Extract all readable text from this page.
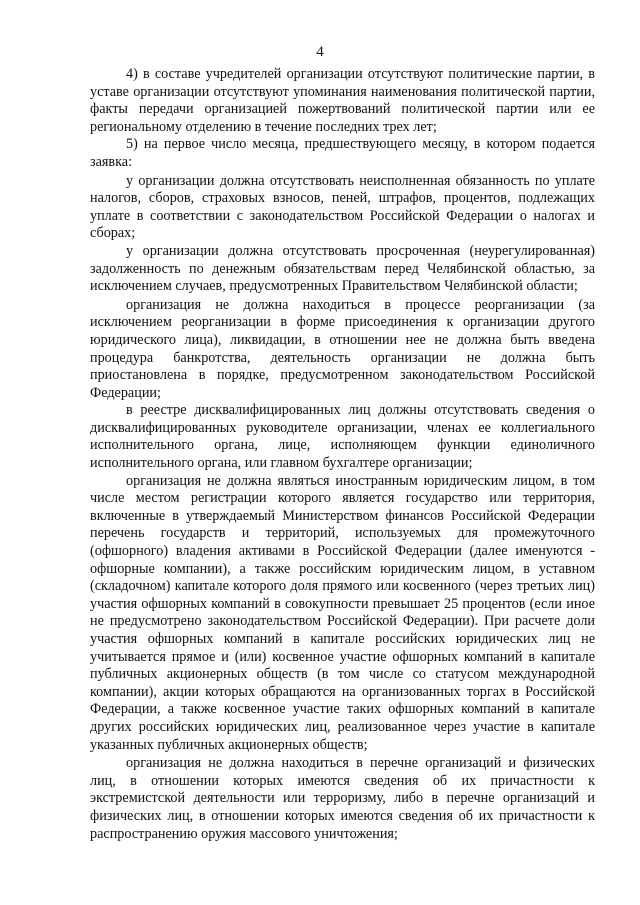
4

4) в составе учредителей организации отсутствуют политические партии, в уставе организации отсутствуют упоминания наименования политической партии, факты передачи организацией пожертвований политической партии или ее региональному отделению в течение последних трех лет;

5) на первое число месяца, предшествующего месяцу, в котором подается заявка:

у организации должна отсутствовать неисполненная обязанность по уплате налогов, сборов, страховых взносов, пеней, штрафов, процентов, подлежащих уплате в соответствии с законодательством Российской Федерации о налогах и сборах;

у организации должна отсутствовать просроченная (неурегулированная) задолженность по денежным обязательствам перед Челябинской областью, за исключением случаев, предусмотренных Правительством Челябинской области;

организация не должна находиться в процессе реорганизации (за исключением реорганизации в форме присоединения к организации другого юридического лица), ликвидации, в отношении нее не должна быть введена процедура банкротства, деятельность организации не должна быть приостановлена в порядке, предусмотренном законодательством Российской Федерации;

в реестре дисквалифицированных лиц должны отсутствовать сведения о дисквалифицированных руководителе организации, членах ее коллегиального исполнительного органа, лице, исполняющем функции единоличного исполнительного органа, или главном бухгалтере организации;

организация не должна являться иностранным юридическим лицом, в том числе местом регистрации которого является государство или территория, включенные в утверждаемый Министерством финансов Российской Федерации перечень государств и территорий, используемых для промежуточного (офшорного) владения активами в Российской Федерации (далее именуются - офшорные компании), а также российским юридическим лицом, в уставном (складочном) капитале которого доля прямого или косвенного (через третьих лиц) участия офшорных компаний в совокупности превышает 25 процентов (если иное не предусмотрено законодательством Российской Федерации). При расчете доли участия офшорных компаний в капитале российских юридических лиц не учитывается прямое и (или) косвенное участие офшорных компаний в капитале публичных акционерных обществ (в том числе со статусом международной компании), акции которых обращаются на организованных торгах в Российской Федерации, а также косвенное участие таких офшорных компаний в капитале других российских юридических лиц, реализованное через участие в капитале указанных публичных акционерных обществ;

организация не должна находиться в перечне организаций и физических лиц, в отношении которых имеются сведения об их причастности к экстремистской деятельности или терроризму, либо в перечне организаций и физических лиц, в отношении которых имеются сведения об их причастности к распространению оружия массового уничтожения;
